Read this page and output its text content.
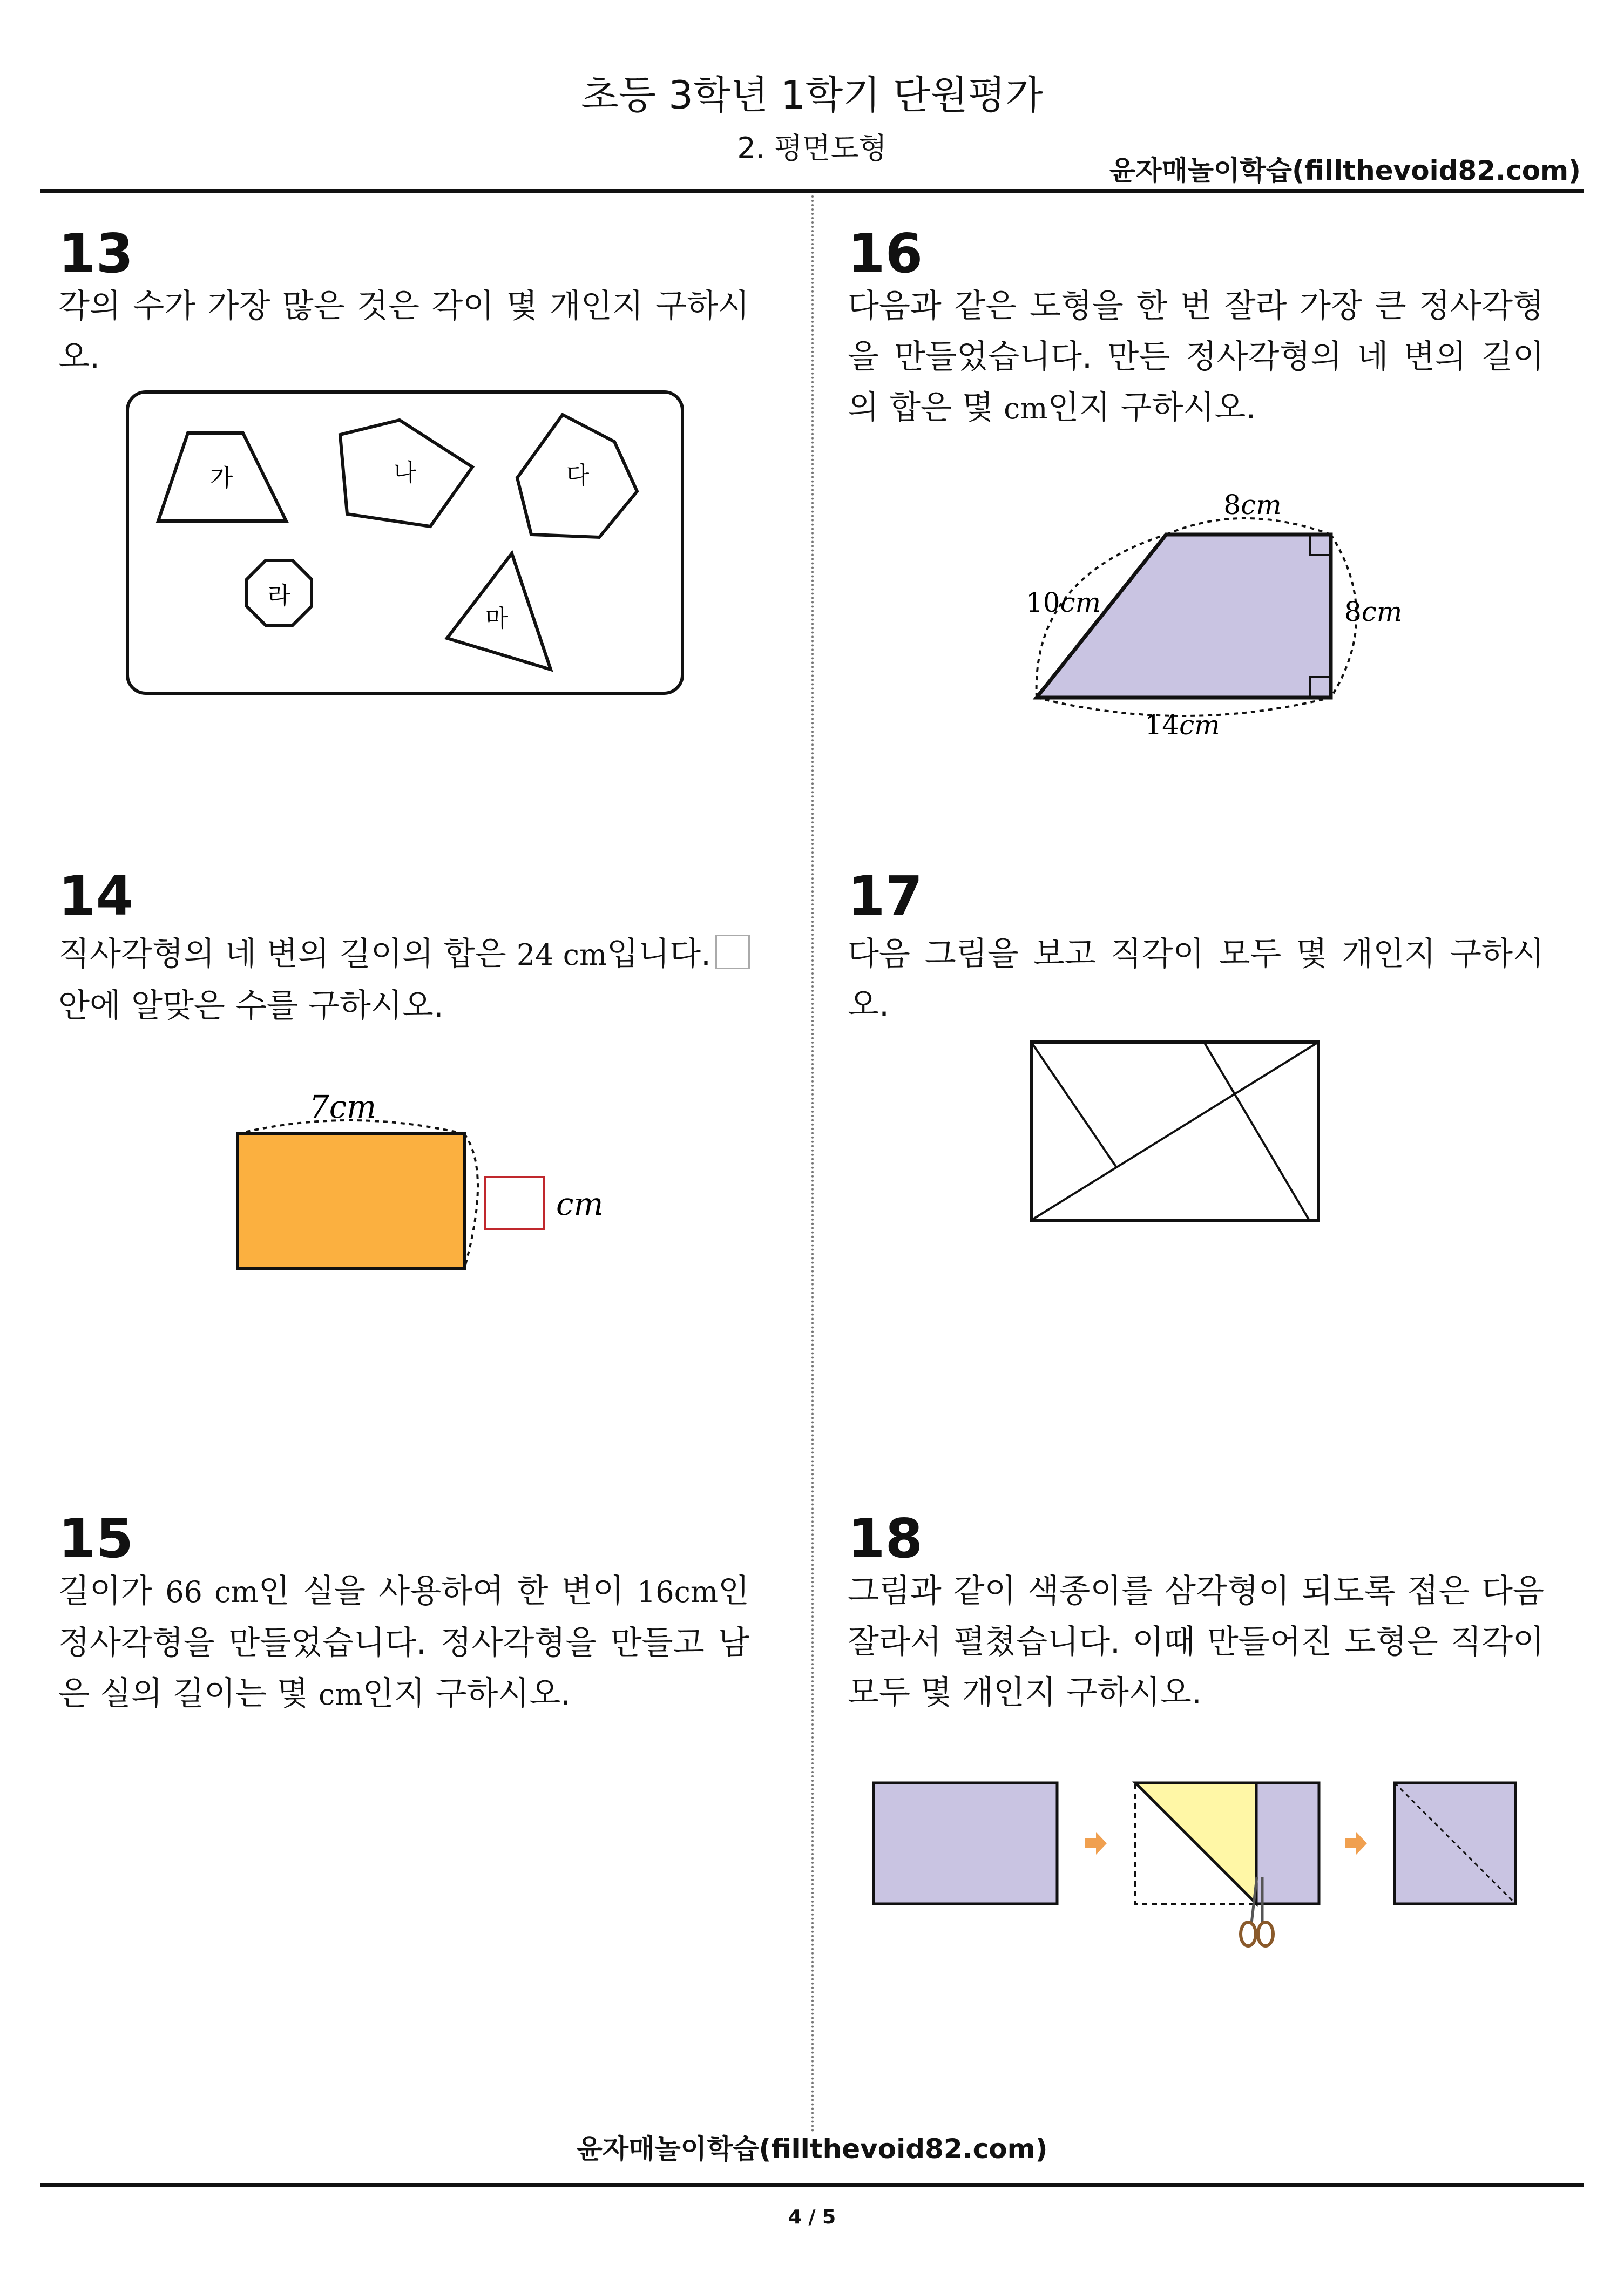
초등 3학년 1학기 단원평가
2. 평면도형
윤자매놀이학습(fillthevoid82.com)
13
각의 수가 가장 많은 것은 각이 몇 개인지 구하시오.
가	나	다
라
마
14
직사각형의 네 변의 길이의 합은 24 cm입니다.
안에 알맞은 수를 구하시오.
7cm
cm
15
길이가 66 cm인 실을 사용하여 한 변이 16cm인 정사각형을 만들었습니다. 정사각형을 만들고 남은 실의 길이는 몇 cm인지 구하시오.
16
다음과 같은 도형을 한 번 잘라 가장 큰 정사각형을 만들었습니다. 만든 정사각형의 네 변의 길이의 합은 몇 cm인지 구하시오.
8cm
10cm	8cm
14cm
17
다음 그림을 보고 직각이 모두 몇 개인지 구하시오.
18
그림과 같이 색종이를 삼각형이 되도록 접은 다음 잘라서 펼쳤습니다. 이때 만들어진 도형은 직각이 모두 몇 개인지 구하시오.
윤자매놀이학습(fillthevoid82.com)
4 / 5
